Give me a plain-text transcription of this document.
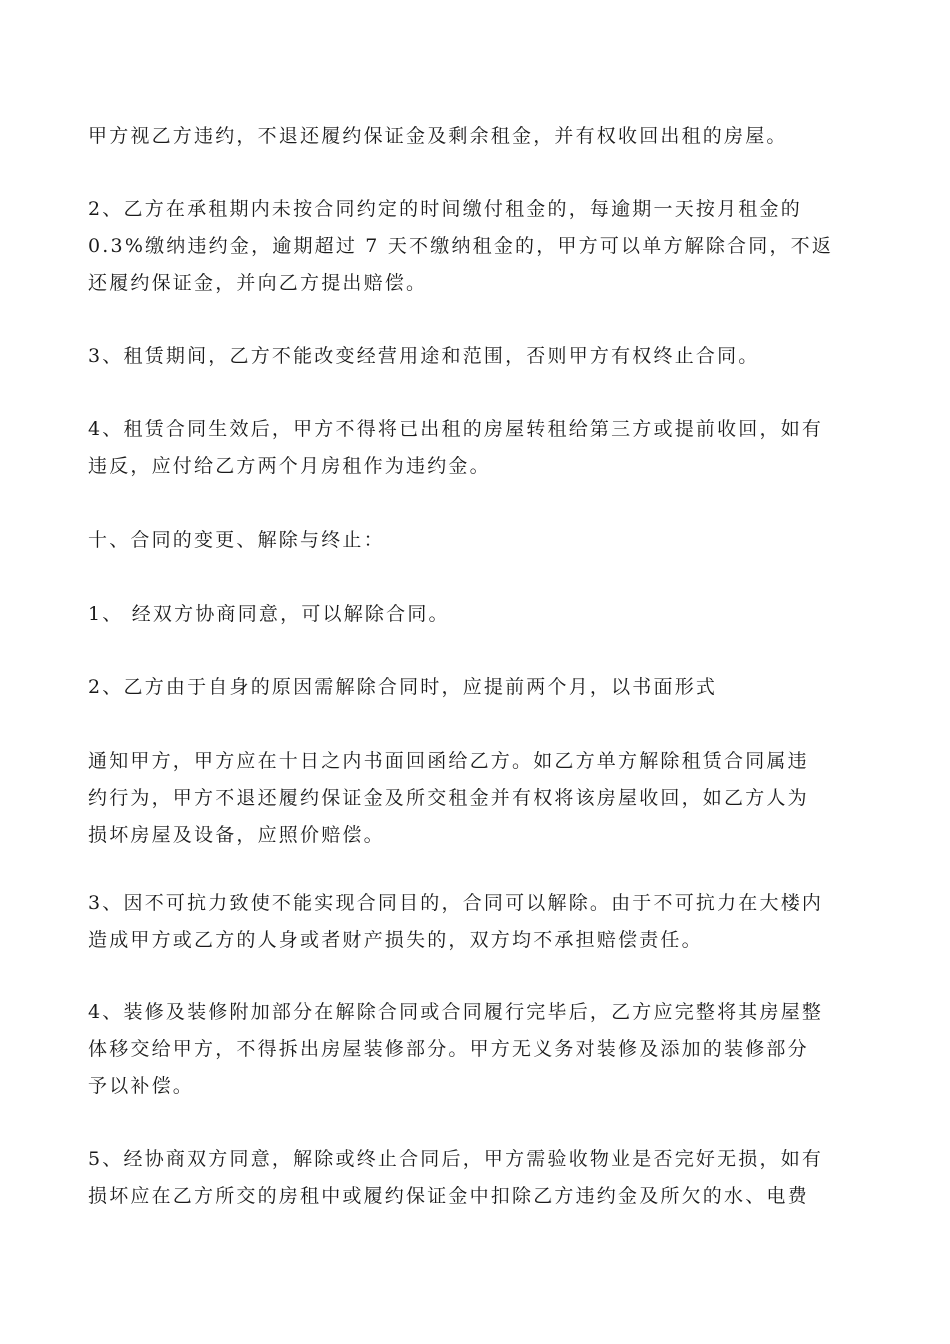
甲方视乙方违约，不退还履约保证金及剩余租金，并有权收回出租的房屋。

2、乙方在承租期内未按合同约定的时间缴付租金的，每逾期一天按月租金的
0.3%缴纳违约金，逾期超过 7 天不缴纳租金的，甲方可以单方解除合同，不返
还履约保证金，并向乙方提出赔偿。

3、租赁期间，乙方不能改变经营用途和范围，否则甲方有权终止合同。

4、租赁合同生效后，甲方不得将已出租的房屋转租给第三方或提前收回，如有
违反，应付给乙方两个月房租作为违约金。

十、合同的变更、解除与终止：

1、 经双方协商同意，可以解除合同。

2、乙方由于自身的原因需解除合同时，应提前两个月，以书面形式

通知甲方，甲方应在十日之内书面回函给乙方。如乙方单方解除租赁合同属违
约行为，甲方不退还履约保证金及所交租金并有权将该房屋收回，如乙方人为
损坏房屋及设备，应照价赔偿。

3、因不可抗力致使不能实现合同目的，合同可以解除。由于不可抗力在大楼内
造成甲方或乙方的人身或者财产损失的，双方均不承担赔偿责任。

4、装修及装修附加部分在解除合同或合同履行完毕后，乙方应完整将其房屋整
体移交给甲方，不得拆出房屋装修部分。甲方无义务对装修及添加的装修部分
予以补偿。

5、经协商双方同意，解除或终止合同后，甲方需验收物业是否完好无损，如有
损坏应在乙方所交的房租中或履约保证金中扣除乙方违约金及所欠的水、电费
